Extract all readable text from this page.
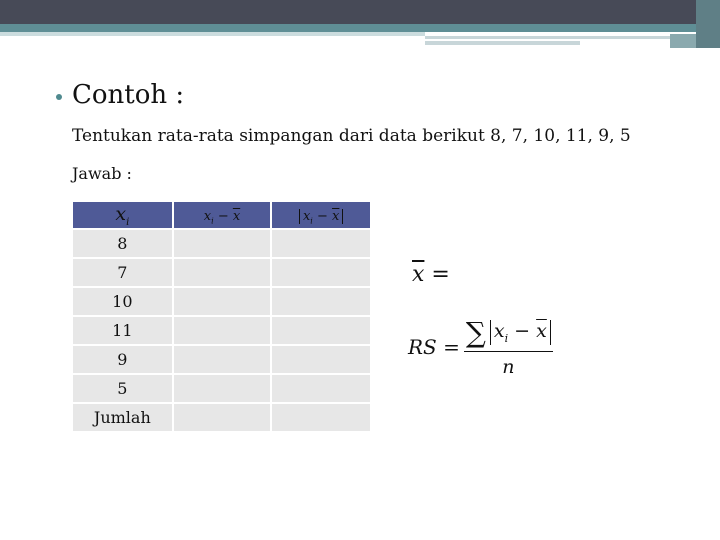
Contoh :
Tentukan rata-rata simpangan dari data berikut 8, 7, 10, 11, 9, 5
Jawab :
$x_i$	$x_i - \overline{x}$	$x_i - \overline{x}$
8		
7		
10		
11		
9		
5		
Jumlah		
$\overline{x}$ =
RS = $\frac{\sum x_i - \overline{x}}{n}$
